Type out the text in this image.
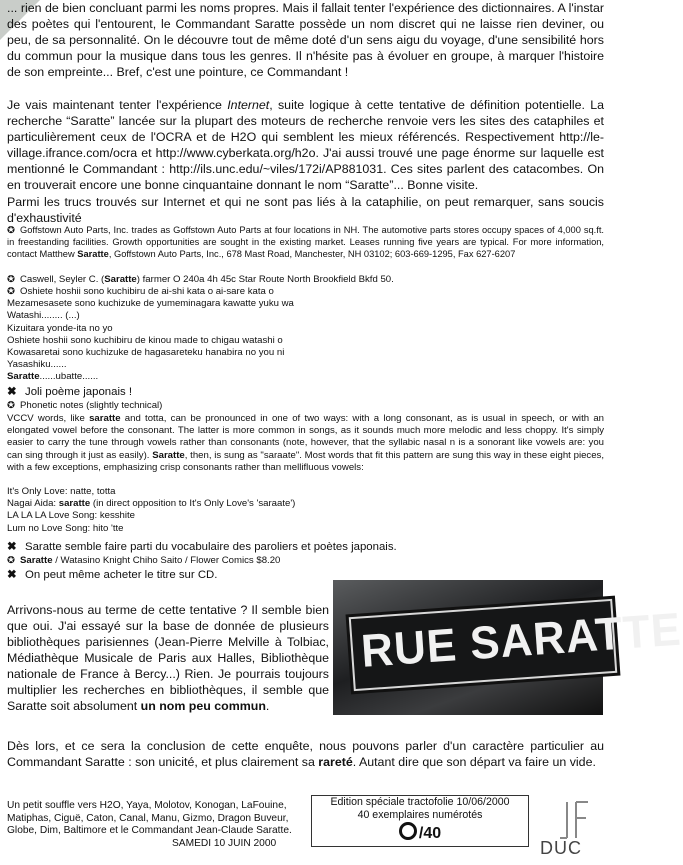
... rien de bien concluant parmi les noms propres. Mais il fallait tenter l'expérience des dictionnaires. A l'instar des poètes qui l'entourent, le Commandant Saratte possède un nom discret qui ne laisse rien deviner, ou peu, de sa personnalité. On le découvre tout de même doté d'un sens aigu du voyage, d'une sensibilité hors du commun pour la musique dans tous les genres. Il n'hésite pas à évoluer en groupe, à marquer l'histoire de son empreinte... Bref, c'est une pointure, ce Commandant !

Je vais maintenant tenter l'expérience Internet, suite logique à cette tentative de définition potentielle. La recherche “Saratte” lancée sur la plupart des moteurs de recherche renvoie vers les sites des cataphiles et particulièrement ceux de l'OCRA et de H2O qui semblent les mieux référencés. Respectivement http://le-village.ifrance.com/ocra et http://www.cyberkata.org/h2o. J'ai aussi trouvé une page énorme sur laquelle est mentionné le Commandant : http://ils.unc.edu/~viles/172i/AP881031. Ces sites parlent des catacombes. On en trouverait encore une bonne cinquantaine donnant le nom “Saratte”... Bonne visite.

Parmi les trucs trouvés sur Internet et qui ne sont pas liés à la cataphilie, on peut remarquer, sans soucis d'exhaustivité

✪ Goffstown Auto Parts, Inc. trades as Goffstown Auto Parts at four locations in NH. The automotive parts stores occupy spaces of 4,000 sq.ft. in freestanding facilities. Growth opportunities are sought in the existing market. Leases running five years are typical. For more information, contact Matthew Saratte, Goffstown Auto Parts, Inc., 678 Mast Road, Manchester, NH 03102; 603-669-1295, Fax 627-6207

✪ Caswell, Seyler C. (Saratte) farmer O 240a 4h 45c Star Route North Brookfield Bkfd 50.

✪ Oshiete hoshii sono kuchibiru de ai-shi kata o ai-sare kata o
Mezamesasete sono kuchizuke de yumeminagara kawatte yuku wa
Watashi........ (...)
Kizuitara yonde-ita no yo
Oshiete hoshii sono kuchibiru de kinou made to chigau watashi o
Kowasaretai sono kuchizuke de hagasareteku hanabira no you ni
Yasashiku......
Saratte......ubatte......

✖ Joli poème japonais !

✪ Phonetic notes (slightly technical)

VCCV words, like saratte and totta, can be pronounced in one of two ways: with a long consonant, as is usual in speech, or with an elongated vowel before the consonant. The latter is more common in songs, as it sounds much more melodic and less choppy. It's simply easier to carry the tune through vowels rather than consonants (note, however, that the syllabic nasal n is a sonorant like vowels are: you can sing through it just as easily). Saratte, then, is sung as "saraate". Most words that fit this pattern are sung this way in these eight pieces, with a few exceptions, emphasizing crisp consonants rather than mellifluous vowels:

It's Only Love: natte, totta
Nagai Aida: saratte (in direct opposition to It's Only Love's 'saraate')
LA LA LA Love Song: kesshite
Lum no Love Song: hito 'tte

✖ Saratte semble faire parti du vocabulaire des paroliers et poètes japonais.

✪ Saratte / Watasino Knight Chiho Saito / Flower Comics $8.20

✖ On peut même acheter le titre sur CD.

Arrivons-nous au terme de cette tentative ? Il semble bien que oui. J'ai essayé sur la base de donnée de plusieurs bibliothèques parisiennes (Jean-Pierre Melville à Tolbiac, Médiathèque Musicale de Paris aux Halles, Bibliothèque nationale de France à Bercy...) Rien. Je pourrais toujours multiplier les recherches en bibliothèques, il semble que Saratte soit absolument un nom peu commun.

RUE SARATTE

Dès lors, et ce sera la conclusion de cette enquête, nous pouvons parler d'un caractère particulier au Commandant Saratte : son unicité, et plus clairement sa rareté. Autant dire que son départ va faire un vide.

Un petit souffle vers H2O, Yaya, Molotov, Konogan, LaFouine, Matiphas, Ciguë, Caton, Canal, Manu, Gizmo, Dragon Buveur, Globe, Dim, Baltimore et le Commandant Jean-Claude Saratte.
SAMEDI 10 JUIN 2000
Edition spéciale tractofolie 10/06/2000
40 exemplaires numérotés
/40
DUC
